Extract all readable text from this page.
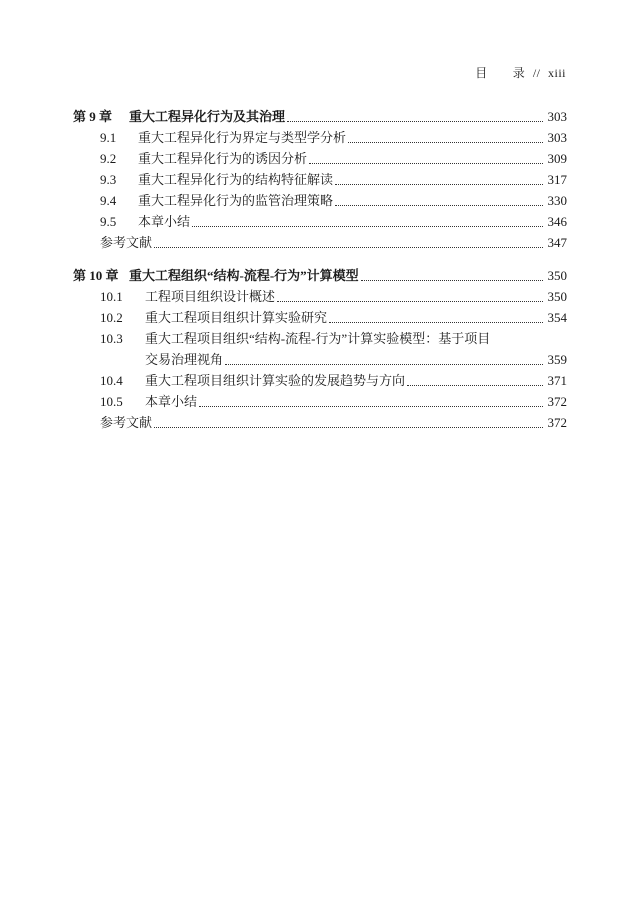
目 录 // xiii
第 9 章	重大工程异化行为及其治理	303
9.1	重大工程异化行为界定与类型学分析	303
9.2	重大工程异化行为的诱因分析	309
9.3	重大工程异化行为的结构特征解读	317
9.4	重大工程异化行为的监管治理策略	330
9.5	本章小结	346
参考文献	347
第 10 章 重大工程组织“结构-流程-行为”计算模型	350
10.1	工程项目组织设计概述	350
10.2	重大工程项目组织计算实验研究	354
10.3	重大工程项目组织“结构-流程-行为”计算实验模型：基于项目
交易治理视角	359
10.4	重大工程项目组织计算实验的发展趋势与方向	371
10.5	本章小结	372
参考文献	372
